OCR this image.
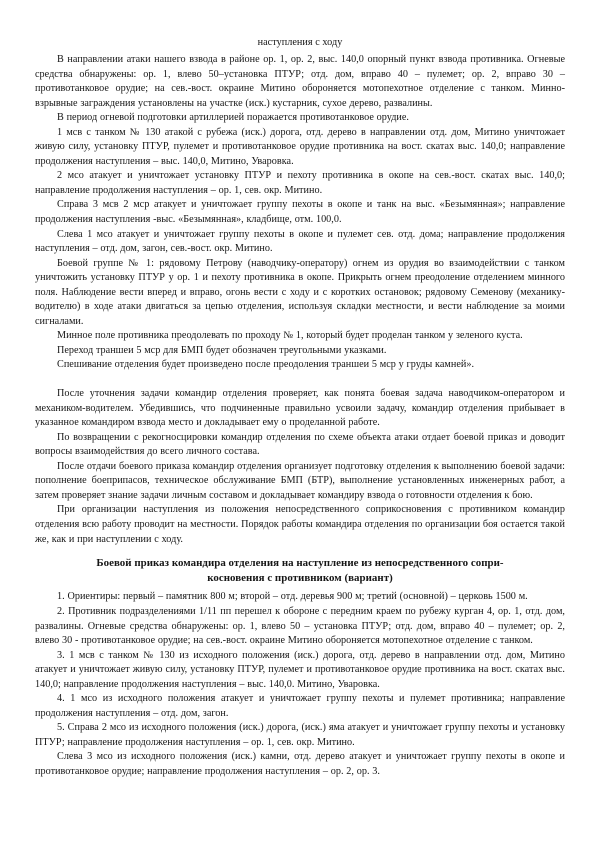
наступления с ходу

В направлении атаки нашего взвода в районе ор. 1, ор. 2, выс. 140,0 опорный пункт взвода противника. Огневые средства обнаружены: ор. 1, влево 50–установка ПТУР; отд. дом, вправо 40 – пулемет; ор. 2, вправо 30 – противотанковое орудие; на сев.-вост. окраине Митино обороняется мотопехотное отделение с танком. Минно-взрывные заграждения установлены на участке (иск.) кустарник, сухое дерево, развалины.

В период огневой подготовки артиллерией поражается противотанковое орудие.

1 мсв с танком № 130 атакой с рубежа (иск.) дорога, отд. дерево в направлении отд. дом, Митино уничтожает живую силу, установку ПТУР, пулемет и противотанковое орудие противника на вост. скатах выс. 140,0; направление продолжения наступления – выс. 140,0, Митино, Уваровка.

2 мсо атакует и уничтожает установку ПТУР и пехоту противника в окопе на сев.-вост. скатах выс. 140,0; направление продолжения наступления – ор. 1, сев. окр. Митино.

Справа 3 мсв 2 мср атакует и уничтожает группу пехоты в окопе и танк на выс. «Безымянная»; направление продолжения наступления -выс. «Безымянная», кладбище, отм. 100,0.

Слева 1 мсо атакует и уничтожает группу пехоты в окопе и пулемет сев. отд. дома; направление продолжения наступления – отд. дом, загон, сев.-вост. окр. Митино.

Боевой группе № 1: рядовому Петрову (наводчику-оператору) огнем из орудия во взаимодействии с танком уничтожить установку ПТУР у ор. 1 и пехоту противника в окопе. Прикрыть огнем преодоление отделением минного поля. Наблюдение вести вперед и вправо, огонь вести с ходу и с коротких остановок; рядовому Семенову (механику-водителю) в ходе атаки двигаться за цепью отделения, используя складки местности, и вести наблюдение за моими сигналами.

Минное поле противника преодолевать по проходу № 1, который будет проделан танком у зеленого куста.

Переход траншеи 5 мср для БМП будет обозначен треугольными указками.

Спешивание отделения будет произведено после преодоления траншеи 5 мср у груды камней».

После уточнения задачи командир отделения проверяет, как понята боевая задача наводчиком-оператором и механиком-водителем. Убедившись, что подчиненные правильно усвоили задачу, командир отделения прибывает в указанное командиром взвода место и докладывает ему о проделанной работе.

По возвращении с рекогносцировки командир отделения по схеме объекта атаки отдает боевой приказ и доводит вопросы взаимодействия до всего личного состава.

После отдачи боевого приказа командир отделения организует подготовку отделения к выполнению боевой задачи: пополнение боеприпасов, техническое обслуживание БМП (БТР), выполнение установленных инженерных работ, а затем проверяет знание задачи личным составом и докладывает командиру взвода о готовности отделения к бою.

При организации наступления из положения непосредственного соприкосновения с противником командир отделения всю работу проводит на местности. Порядок работы командира отделения по организации боя остается такой же, как и при наступлении с ходу.

Боевой приказ командира отделения на наступление из непосредственного сопри-
косновения с противником (вариант)

1. Ориентиры: первый – памятник 800 м; второй – отд. деревья 900 м; третий (основной) – церковь 1500 м.

2. Противник подразделениями 1/11 пп перешел к обороне с передним краем по рубежу курган 4, ор. 1, отд. дом, развалины. Огневые средства обнаружены: ор. 1, влево 50 – установка ПТУР; отд. дом, вправо 40 – пулемет; ор. 2, влево 30 - противотанковое орудие; на сев.-вост. окраине Митино обороняется мотопехотное отделение с танком.

3. 1 мсв с танком № 130 из исходного положения (иск.) дорога, отд. дерево в направлении отд. дом, Митино атакует и уничтожает живую силу, установку ПТУР, пулемет и противотанковое орудие противника на вост. скатах выс. 140,0; направление продолжения наступления – выс. 140,0. Митино, Уваровка.

4. 1 мсо из исходного положения атакует и уничтожает группу пехоты и пулемет противника; направление продолжения наступления – отд. дом, загон.

5. Справа 2 мсо из исходного положения (иск.) дорога, (иск.) яма атакует и уничтожает группу пехоты и установку ПТУР; направление продолжения наступления – ор. 1, сев. окр. Митино.

Слева 3 мсо из исходного положения (иск.) камни, отд. дерево атакует и уничтожает группу пехоты в окопе и противотанковое орудие; направление продолжения наступления – ор. 2, ор. 3.
